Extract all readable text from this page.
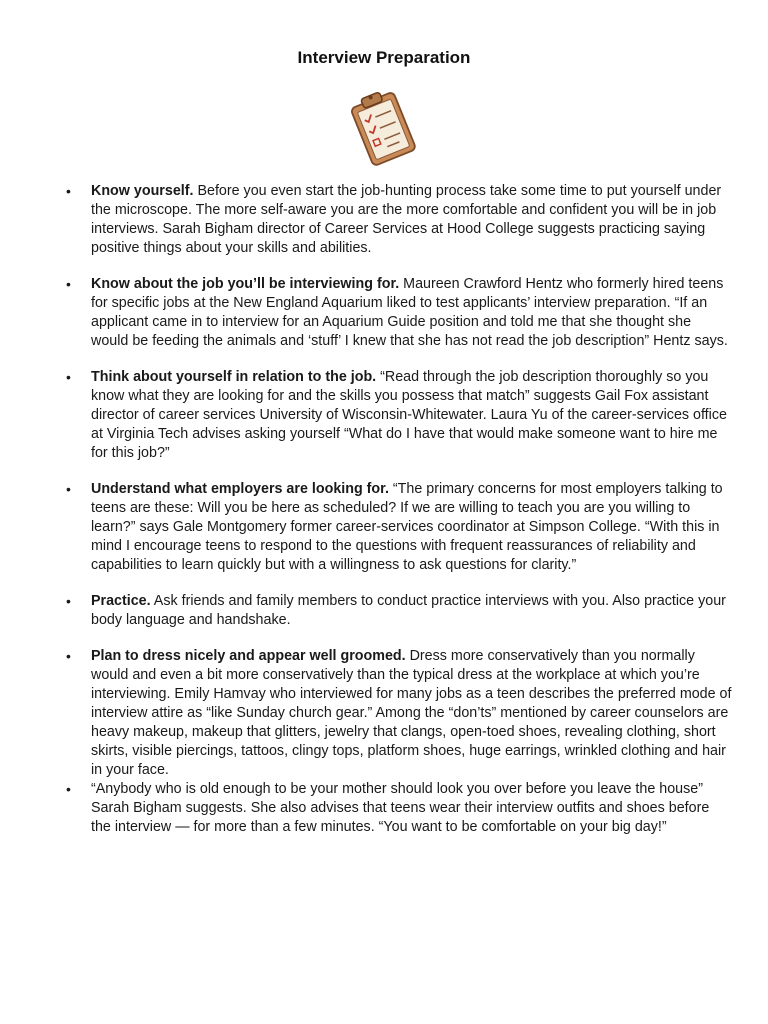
Interview Preparation
• Know yourself. Before you even start the job-hunting process take some time to put yourself under the microscope. The more self-aware you are the more comfortable and confident you will be in job interviews. Sarah Bigham director of Career Services at Hood College suggests practicing saying positive things about your skills and abilities.
• Know about the job you’ll be interviewing for. Maureen Crawford Hentz who formerly hired teens for specific jobs at the New England Aquarium liked to test applicants’ interview preparation. “If an applicant came in to interview for an Aquarium Guide position and told me that she thought she would be feeding the animals and ‘stuff’ I knew that she has not read the job description” Hentz says.
• Think about yourself in relation to the job. “Read through the job description thoroughly so you know what they are looking for and the skills you possess that match” suggests Gail Fox assistant director of career services University of Wisconsin-Whitewater. Laura Yu of the career-services office at Virginia Tech advises asking yourself “What do I have that would make someone want to hire me for this job?”
• Understand what employers are looking for. “The primary concerns for most employers talking to teens are these: Will you be here as scheduled? If we are willing to teach you are you willing to learn?” says Gale Montgomery former career-services coordinator at Simpson College. “With this in mind I encourage teens to respond to the questions with frequent reassurances of reliability and capabilities to learn quickly but with a willingness to ask questions for clarity.”
• Practice. Ask friends and family members to conduct practice interviews with you. Also practice your body language and handshake.
• Plan to dress nicely and appear well groomed. Dress more conservatively than you normally would and even a bit more conservatively than the typical dress at the workplace at which you’re interviewing. Emily Hamvay who interviewed for many jobs as a teen describes the preferred mode of interview attire as “like Sunday church gear.” Among the “don’ts” mentioned by career counselors are heavy makeup, makeup that glitters, jewelry that clangs, open-toed shoes, revealing clothing, short skirts, visible piercings, tattoos, clingy tops, platform shoes, huge earrings, wrinkled clothing and hair in your face.
• “Anybody who is old enough to be your mother should look you over before you leave the house” Sarah Bigham suggests. She also advises that teens wear their interview outfits and shoes before the interview — for more than a few minutes. “You want to be comfortable on your big day!”
